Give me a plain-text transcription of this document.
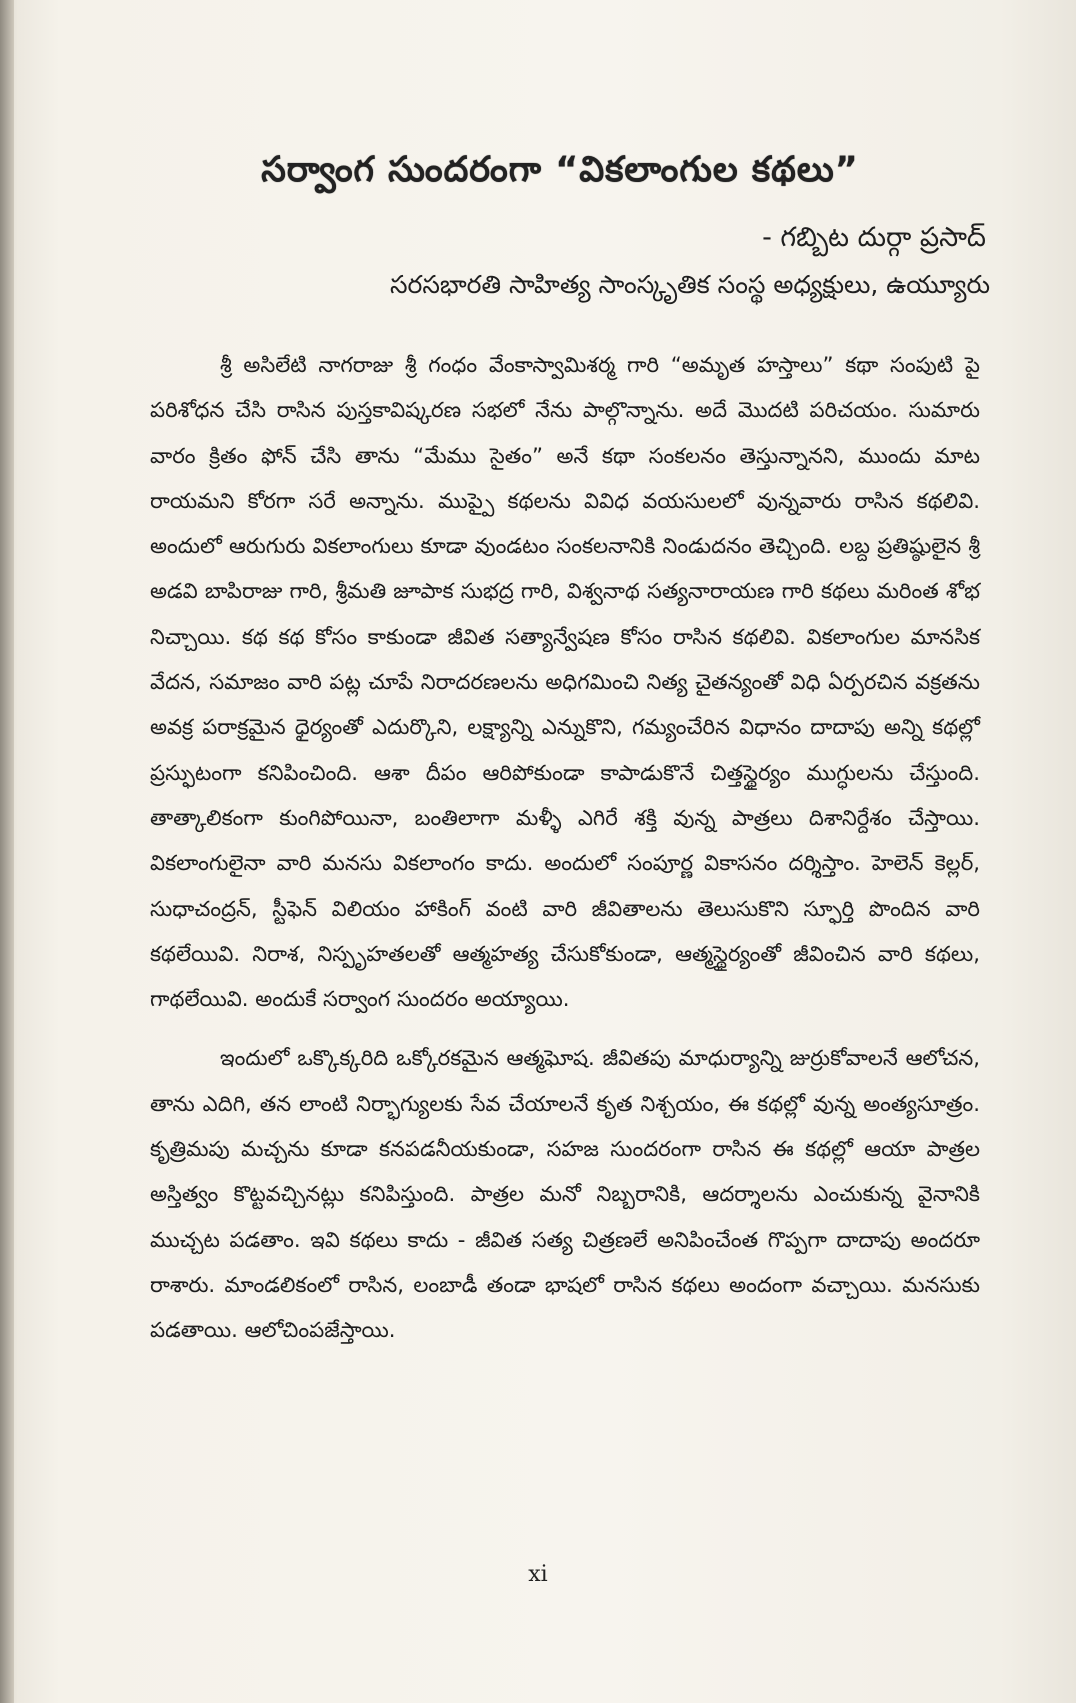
సర్వాంగ సుందరంగా “వికలాంగుల కథలు”
- గబ్బిట దుర్గా ప్రసాద్
సరసభారతి సాహిత్య సాంస్కృతిక సంస్థ అధ్యక్షులు, ఉయ్యూరు

శ్రీ అసిలేటి నాగరాజు శ్రీ గంధం వేంకాస్వామిశర్మ గారి “అమృత హస్తాలు” కథా సంపుటి పై పరిశోధన చేసి రాసిన పుస్తకావిష్కరణ సభలో నేను పాల్గొన్నాను. అదే మొదటి పరిచయం. సుమారు వారం క్రితం ఫోన్ చేసి తాను “మేము సైతం” అనే కథా సంకలనం తెస్తున్నానని, ముందు మాట రాయమని కోరగా సరే అన్నాను. ముప్పై కథలను వివిధ వయసులలో వున్నవారు రాసిన కథలివి. అందులో ఆరుగురు వికలాంగులు కూడా వుండటం సంకలనానికి నిండుదనం తెచ్చింది. లబ్ద ప్రతిష్ఠులైన శ్రీ అడవి బాపిరాజు గారి, శ్రీమతి జూపాక సుభద్ర గారి, విశ్వనాథ సత్యనారాయణ గారి కథలు మరింత శోభ నిచ్చాయి. కథ కథ కోసం కాకుండా జీవిత సత్యాన్వేషణ కోసం రాసిన కథలివి. వికలాంగుల మానసిక వేదన, సమాజం వారి పట్ల చూపే నిరాదరణలను అధిగమించి నిత్య చైతన్యంతో విధి ఏర్పరచిన వక్రతను అవక్ర పరాక్రమైన ధైర్యంతో ఎదుర్కొని, లక్ష్యాన్ని ఎన్నుకొని, గమ్యంచేరిన విధానం దాదాపు అన్ని కథల్లో ప్రస్ఫుటంగా కనిపించింది. ఆశా దీపం ఆరిపోకుండా కాపాడుకొనే చిత్తస్థైర్యం ముగ్ధులను చేస్తుంది. తాత్కాలికంగా కుంగిపోయినా, బంతిలాగా మళ్ళీ ఎగిరే శక్తి వున్న పాత్రలు దిశానిర్దేశం చేస్తాయి. వికలాంగులైనా వారి మనసు వికలాంగం కాదు. అందులో సంపూర్ణ వికాసనం దర్శిస్తాం. హెలెన్ కెల్లర్, సుధాచంద్రన్, స్టీఫెన్ విలియం హాకింగ్ వంటి వారి జీవితాలను తెలుసుకొని స్ఫూర్తి పొందిన వారి కథలేయివి. నిరాశ, నిస్పృహతలతో ఆత్మహత్య చేసుకోకుండా, ఆత్మస్థైర్యంతో జీవించిన వారి కథలు, గాథలేయివి. అందుకే సర్వాంగ సుందరం అయ్యాయి.

ఇందులో ఒక్కొక్కరిది ఒక్కోరకమైన ఆత్మఘోష. జీవితపు మాధుర్యాన్ని జుర్రుకోవాలనే ఆలోచన, తాను ఎదిగి, తన లాంటి నిర్భాగ్యులకు సేవ చేయాలనే కృత నిశ్చయం, ఈ కథల్లో వున్న అంత్యసూత్రం. కృత్రిమపు మచ్చను కూడా కనపడనీయకుండా, సహజ సుందరంగా రాసిన ఈ కథల్లో ఆయా పాత్రల అస్తిత్వం కొట్టవచ్చినట్లు కనిపిస్తుంది. పాత్రల మనో నిబ్బరానికి, ఆదర్శాలను ఎంచుకున్న వైనానికి ముచ్చట పడతాం. ఇవి కథలు కాదు - జీవిత సత్య చిత్రణలే అనిపించేంత గొప్పగా దాదాపు అందరూ రాశారు. మాండలికంలో రాసిన, లంబాడీ తండా భాషలో రాసిన కథలు అందంగా వచ్చాయి. మనసుకు పడతాయి. ఆలోచింపజేస్తాయి.

xi
